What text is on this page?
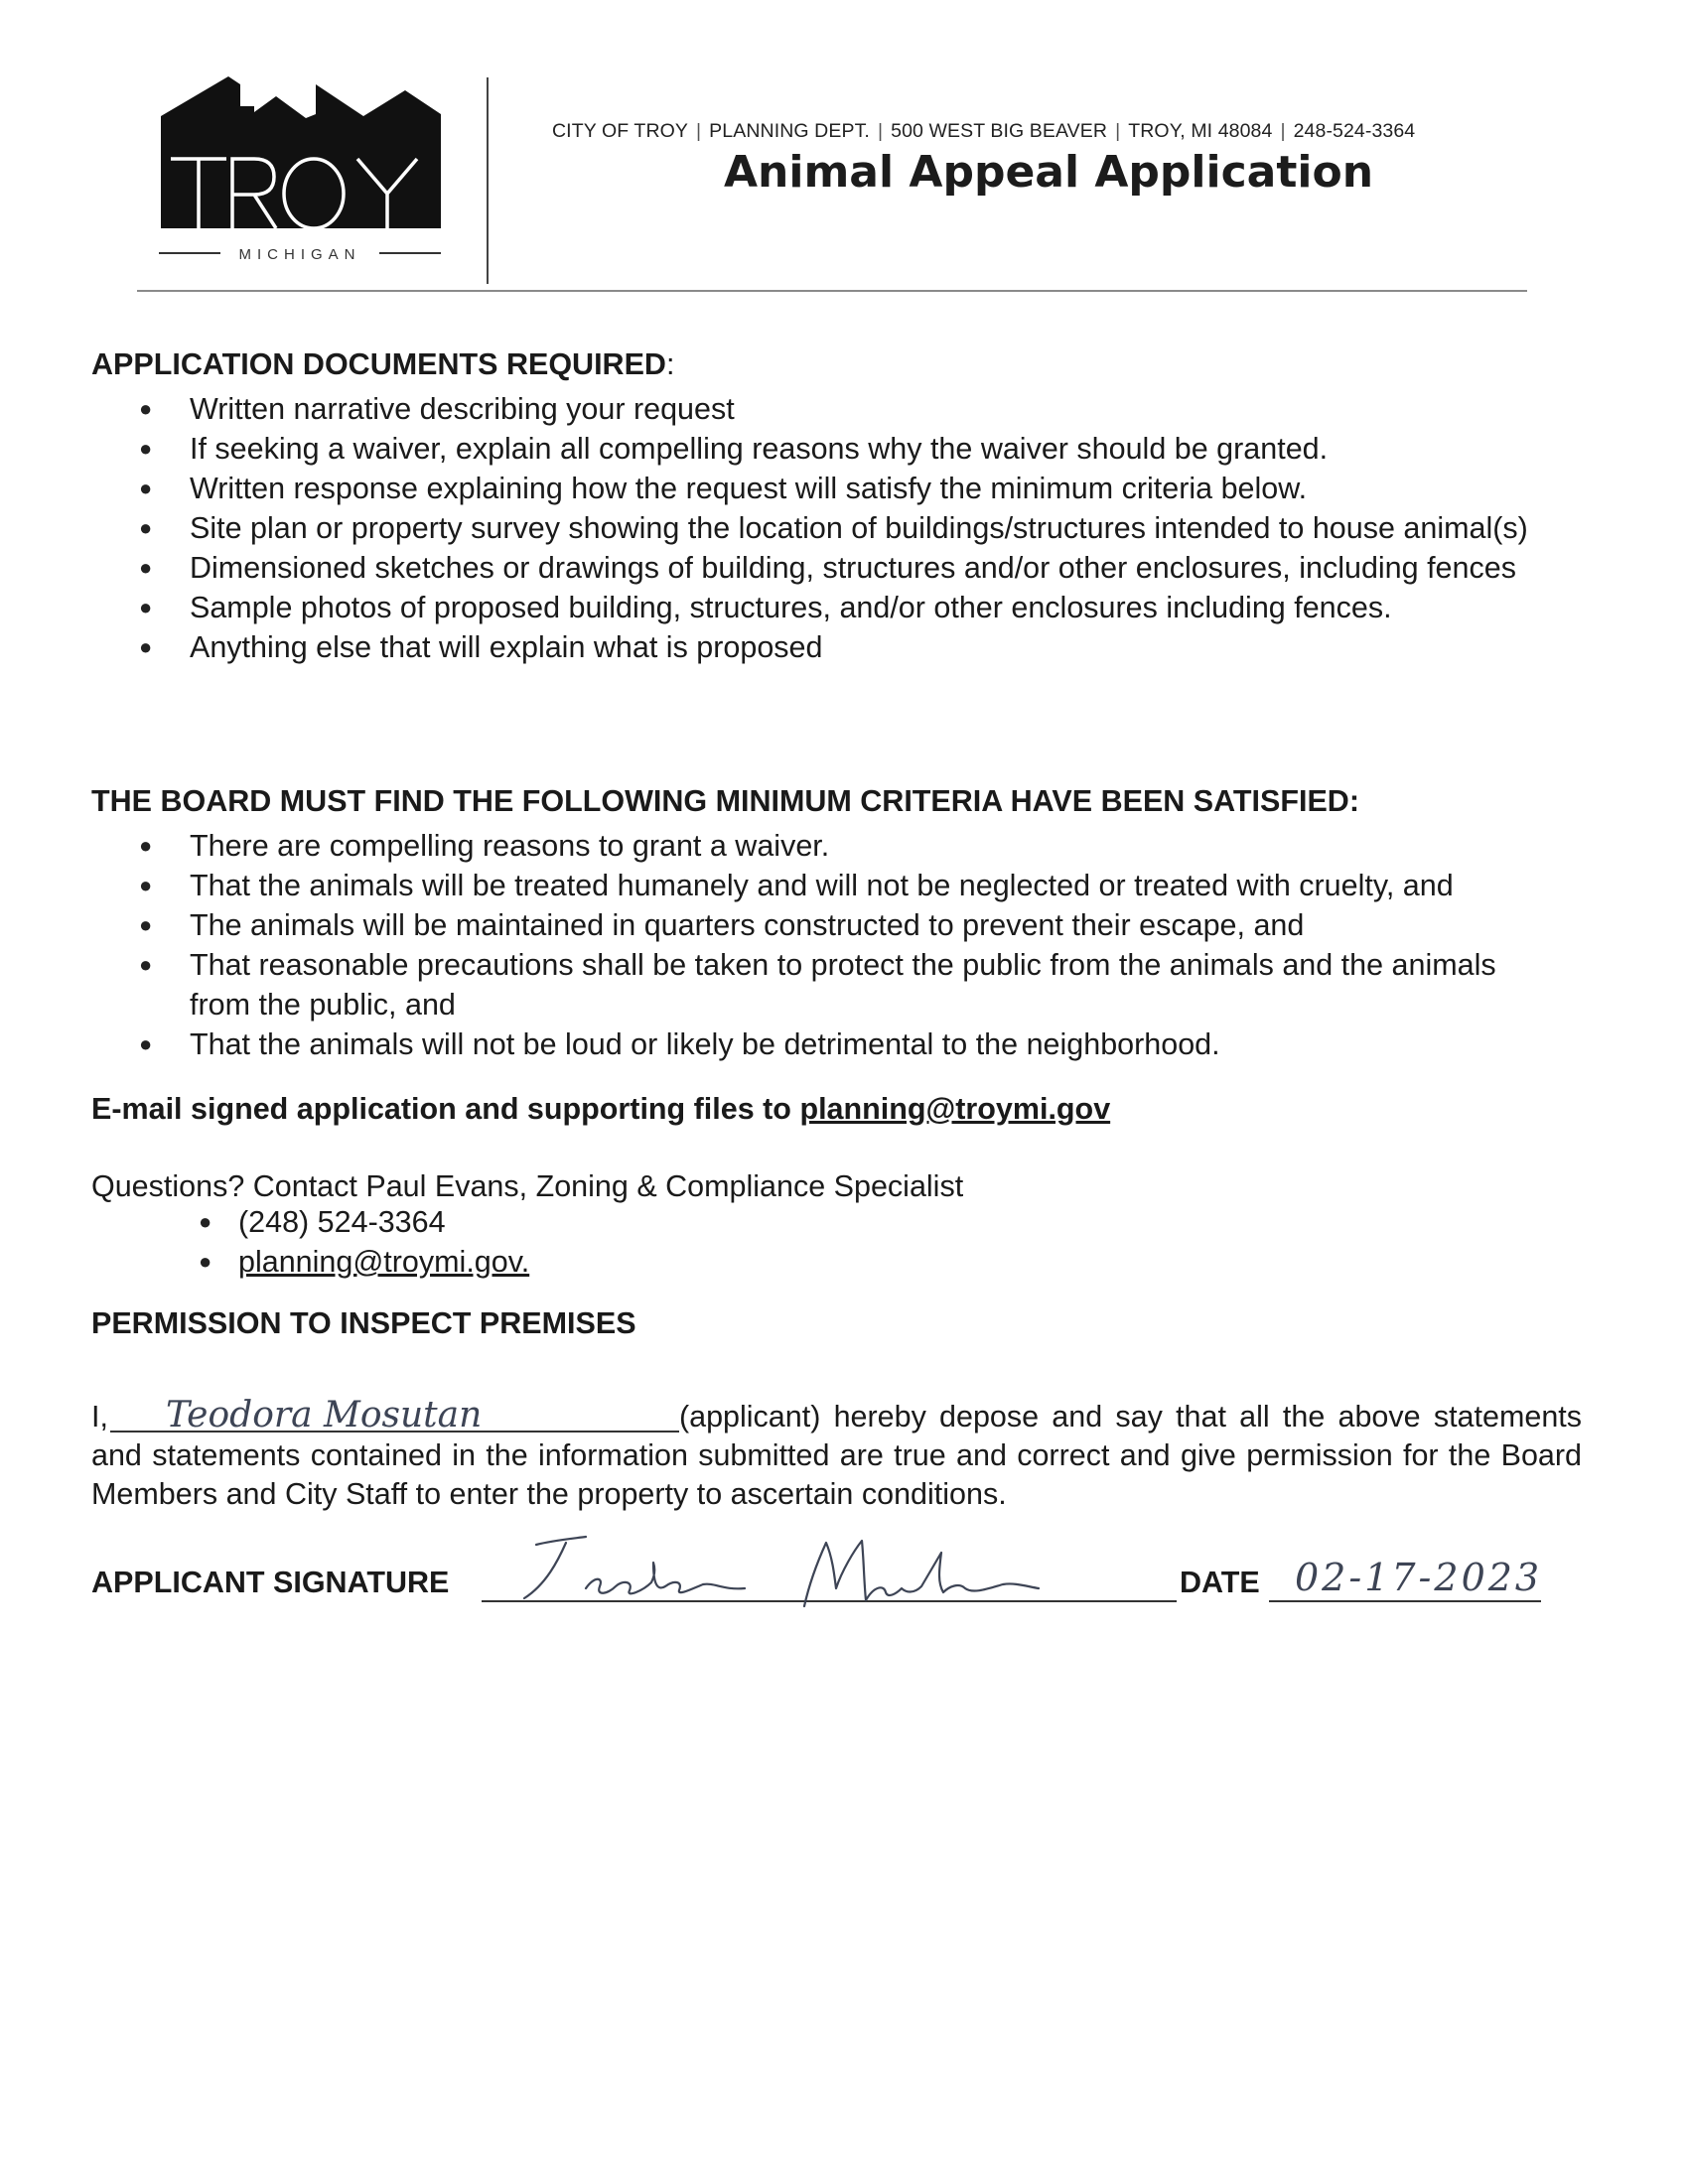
MICHIGAN
CITY OF TROY | PLANNING DEPT. | 500 WEST BIG BEAVER | TROY, MI 48084 | 248-524-3364
Animal Appeal Application

APPLICATION DOCUMENTS REQUIRED:

● Written narrative describing your request
● If seeking a waiver, explain all compelling reasons why the waiver should be granted.
● Written response explaining how the request will satisfy the minimum criteria below.
● Site plan or property survey showing the location of buildings/structures intended to house animal(s)
● Dimensioned sketches or drawings of building, structures and/or other enclosures, including fences
● Sample photos of proposed building, structures, and/or other enclosures including fences.
● Anything else that will explain what is proposed

THE BOARD MUST FIND THE FOLLOWING MINIMUM CRITERIA HAVE BEEN SATISFIED:

● There are compelling reasons to grant a waiver.
● That the animals will be treated humanely and will not be neglected or treated with cruelty, and
● The animals will be maintained in quarters constructed to prevent their escape, and
● That reasonable precautions shall be taken to protect the public from the animals and the animals from the public, and
● That the animals will not be loud or likely be detrimental to the neighborhood.

E-mail signed application and supporting files to planning@troymi.gov

Questions? Contact Paul Evans, Zoning & Compliance Specialist

● (248) 524-3364
● planning@troymi.gov.

PERMISSION TO INSPECT PREMISES

I, Teodora Mosutan	(applicant) hereby depose and say that all the above statements and statements contained in the information submitted are true and correct and give permission for the Board Members and City Staff to enter the property to ascertain conditions.

APPLICANT SIGNATURE	DATE 02-17-2023
